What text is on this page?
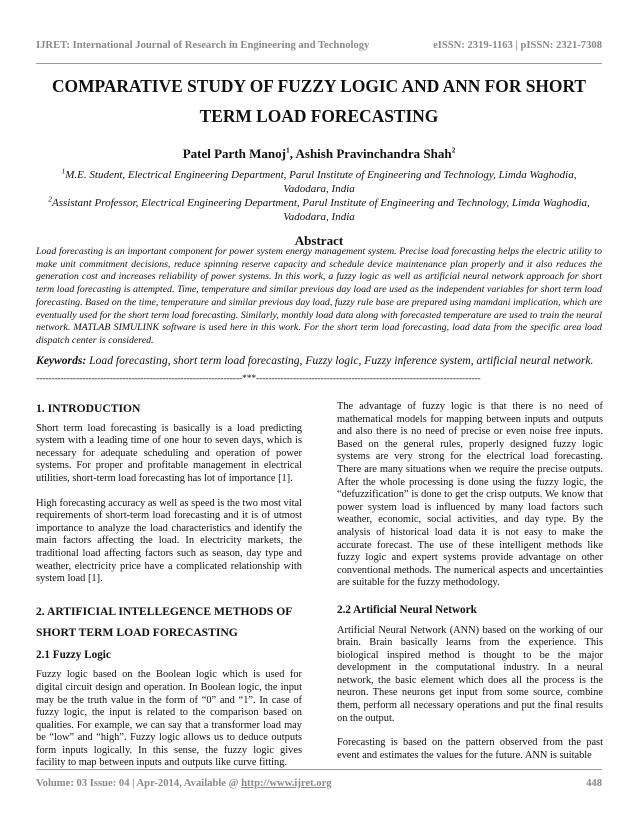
IJRET: International Journal of Research in Engineering and Technology	eISSN: 2319-1163 | pISSN: 2321-7308
COMPARATIVE STUDY OF FUZZY LOGIC AND ANN FOR SHORT
TERM LOAD FORECASTING
Patel Parth Manoj$^1$, Ashish Pravinchandra Shah$^2$
$^1$M.E. Student, Electrical Engineering Department, Parul Institute of Engineering and Technology, Limda Waghodia, Vadodara, India
$^2$Assistant Professor, Electrical Engineering Department, Parul Institute of Engineering and Technology, Limda Waghodia, Vadodara, India
Abstract
Load forecasting is an important component for power system energy management system. Precise load forecasting helps the electric utility to make unit commitment decisions, reduce spinning reserve capacity and schedule device maintenance plan properly and it also reduces the generation cost and increases reliability of power systems. In this work, a fuzzy logic as well as artificial neural network approach for short term load forecasting is attempted. Time, temperature and similar previous day load are used as the independent variables for short term load forecasting. Based on the time, temperature and similar previous day load, fuzzy rule base are prepared using mamdani implication, which are eventually used for the short term load forecasting. Similarly, monthly load data along with forecasted temperature are used to train the neural network. MATLAB SIMULINK software is used here in this work. For the short term load forecasting, load data from the specific area load dispatch center is considered.
Keywords: Load forecasting, short term load forecasting, Fuzzy logic, Fuzzy inference system, artificial neural network.
-------------------------------------------------------------------***-------------------------------------------------------------------------
1. INTRODUCTION

Short term load forecasting is basically is a load predicting system with a leading time of one hour to seven days, which is necessary for adequate scheduling and operation of power systems. For proper and profitable management in electrical utilities, short-term load forecasting has lot of importance [1].

High forecasting accuracy as well as speed is the two most vital requirements of short-term load forecasting and it is of utmost importance to analyze the load characteristics and identify the main factors affecting the load. In electricity markets, the traditional load affecting factors such as season, day type and weather, electricity price have a complicated relationship with system load [1].

2. ARTIFICIAL INTELLEGENCE METHODS OF
SHORT TERM LOAD FORECASTING
2.1 Fuzzy Logic

Fuzzy logic based on the Boolean logic which is used for digital circuit design and operation. In Boolean logic, the input may be the truth value in the form of “0” and “1”. In case of fuzzy logic, the input is related to the comparison based on qualities. For example, we can say that a transformer load may be “low” and “high”. Fuzzy logic allows us to deduce outputs form inputs logically. In this sense, the fuzzy logic gives facility to map between inputs and outputs like curve fitting.

The advantage of fuzzy logic is that there is no need of mathematical models for mapping between inputs and outputs and also there is no need of precise or even noise free inputs. Based on the general rules, properly designed fuzzy logic systems are very strong for the electrical load forecasting. There are many situations when we require the precise outputs. After the whole processing is done using the fuzzy logic, the “defuzzification” is done to get the crisp outputs. We know that power system load is influenced by many load factors such weather, economic, social activities, and day type. By the analysis of historical load data it is not easy to make the accurate forecast. The use of these intelligent methods like fuzzy logic and expert systems provide advantage on other conventional methods. The numerical aspects and uncertainties are suitable for the fuzzy methodology.

2.2 Artificial Neural Network

Artificial Neural Network (ANN) based on the working of our brain. Brain basically learns from the experience. This biological inspired method is thought to be the major development in the computational industry. In a neural network, the basic element which does all the process is the neuron. These neurons get input from some source, combine them, perform all necessary operations and put the final results on the output.

Forecasting is based on the pattern observed from the past event and estimates the values for the future. ANN is suitable

Volume: 03 Issue: 04 | Apr-2014, Available @ http://www.ijret.org	448
